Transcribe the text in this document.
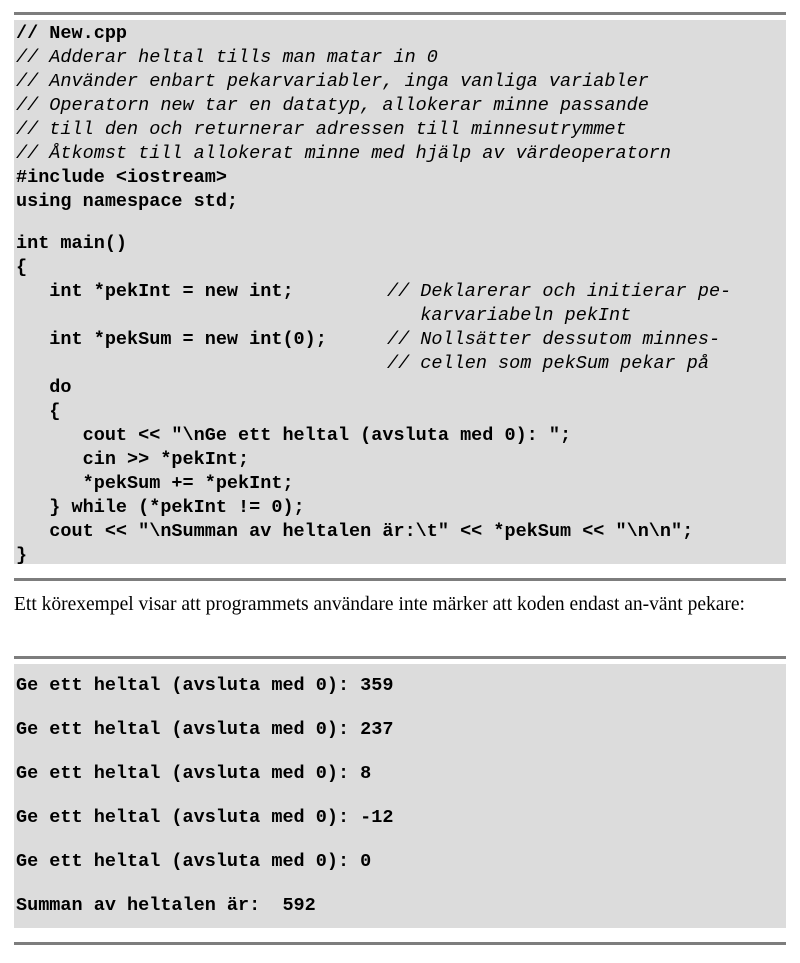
// New.cpp
// Adderar heltal tills man matar in 0
// Använder enbart pekarvariabler, inga vanliga variabler
// Operatorn new tar en datatyp, allokerar minne passande
// till den och returnerar adressen till minnesutrymmet
// Åtkomst till allokerat minne med hjälp av värdeoperatorn
#include <iostream>
using namespace std;
int main()
{
int *pekInt = new int;	// Deklarerar och initierar pe-
karvariabeln pekInt
int *pekSum = new int(0);	// Nollsätter dessutom minnes-
// cellen som pekSum pekar på
do
{
cout << "\nGe ett heltal (avsluta med 0): ";
cin >> *pekInt;
*pekSum += *pekInt;
} while (*pekInt != 0);
cout << "\nSumman av heltalen är:\t" << *pekSum << "\n\n";
}
Ett körexempel visar att programmets användare inte märker att koden endast an-vänt pekare:
Ge ett heltal (avsluta med 0): 359
Ge ett heltal (avsluta med 0): 237
Ge ett heltal (avsluta med 0): 8
Ge ett heltal (avsluta med 0): -12
Ge ett heltal (avsluta med 0): 0
Summan av heltalen är:  592
